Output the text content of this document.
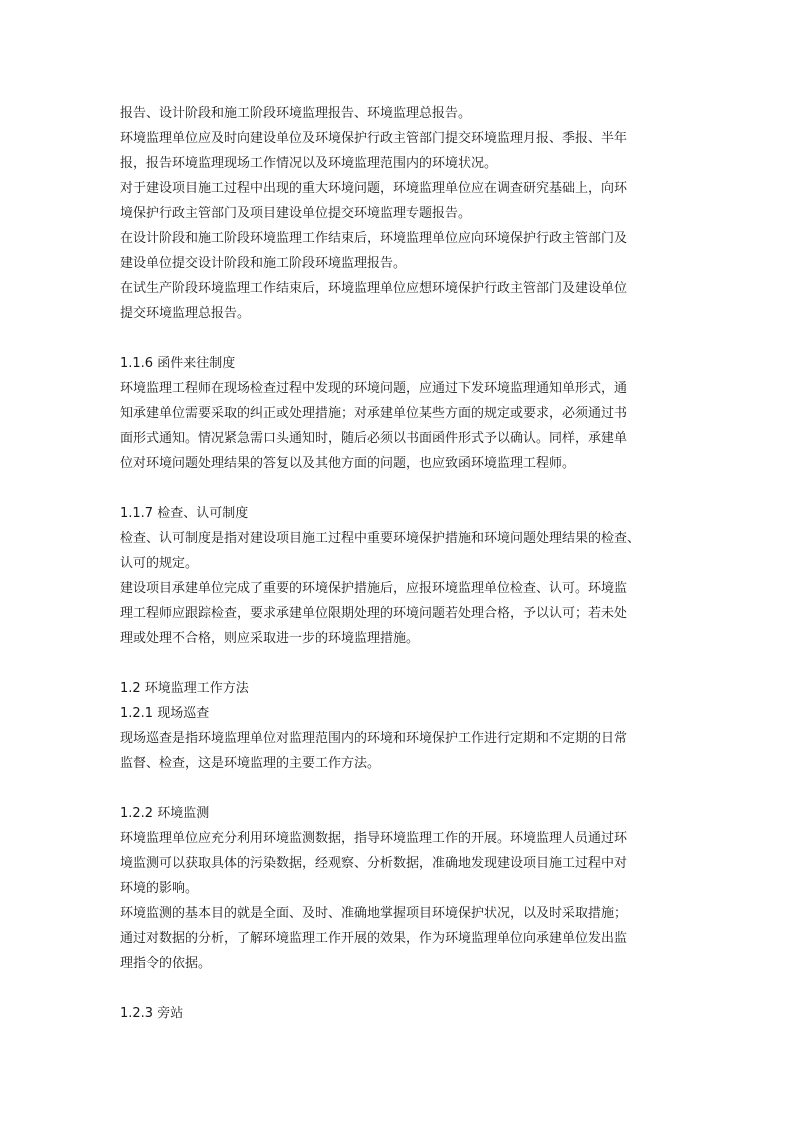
报告、设计阶段和施工阶段环境监理报告、环境监理总报告。
环境监理单位应及时向建设单位及环境保护行政主管部门提交环境监理月报、季报、半年
报，报告环境监理现场工作情况以及环境监理范围内的环境状况。
对于建设项目施工过程中出现的重大环境问题，环境监理单位应在调查研究基础上，向环
境保护行政主管部门及项目建设单位提交环境监理专题报告。
在设计阶段和施工阶段环境监理工作结束后，环境监理单位应向环境保护行政主管部门及
建设单位提交设计阶段和施工阶段环境监理报告。
在试生产阶段环境监理工作结束后，环境监理单位应想环境保护行政主管部门及建设单位
提交环境监理总报告。
1.1.6 函件来往制度
环境监理工程师在现场检查过程中发现的环境问题，应通过下发环境监理通知单形式，通
知承建单位需要采取的纠正或处理措施；对承建单位某些方面的规定或要求，必须通过书
面形式通知。情况紧急需口头通知时，随后必须以书面函件形式予以确认。同样，承建单
位对环境问题处理结果的答复以及其他方面的问题，也应致函环境监理工程师。
1.1.7 检查、认可制度
检查、认可制度是指对建设项目施工过程中重要环境保护措施和环境问题处理结果的检查、
认可的规定。
建设项目承建单位完成了重要的环境保护措施后，应报环境监理单位检查、认可。环境监
理工程师应跟踪检查，要求承建单位限期处理的环境问题若处理合格，予以认可；若未处
理或处理不合格，则应采取进一步的环境监理措施。
1.2 环境监理工作方法
1.2.1 现场巡查
现场巡查是指环境监理单位对监理范围内的环境和环境保护工作进行定期和不定期的日常
监督、检查，这是环境监理的主要工作方法。
1.2.2 环境监测
环境监理单位应充分利用环境监测数据，指导环境监理工作的开展。环境监理人员通过环
境监测可以获取具体的污染数据，经观察、分析数据，准确地发现建设项目施工过程中对
环境的影响。
环境监测的基本目的就是全面、及时、准确地掌握项目环境保护状况，以及时采取措施；
通过对数据的分析，了解环境监理工作开展的效果，作为环境监理单位向承建单位发出监
理指令的依据。
1.2.3 旁站
